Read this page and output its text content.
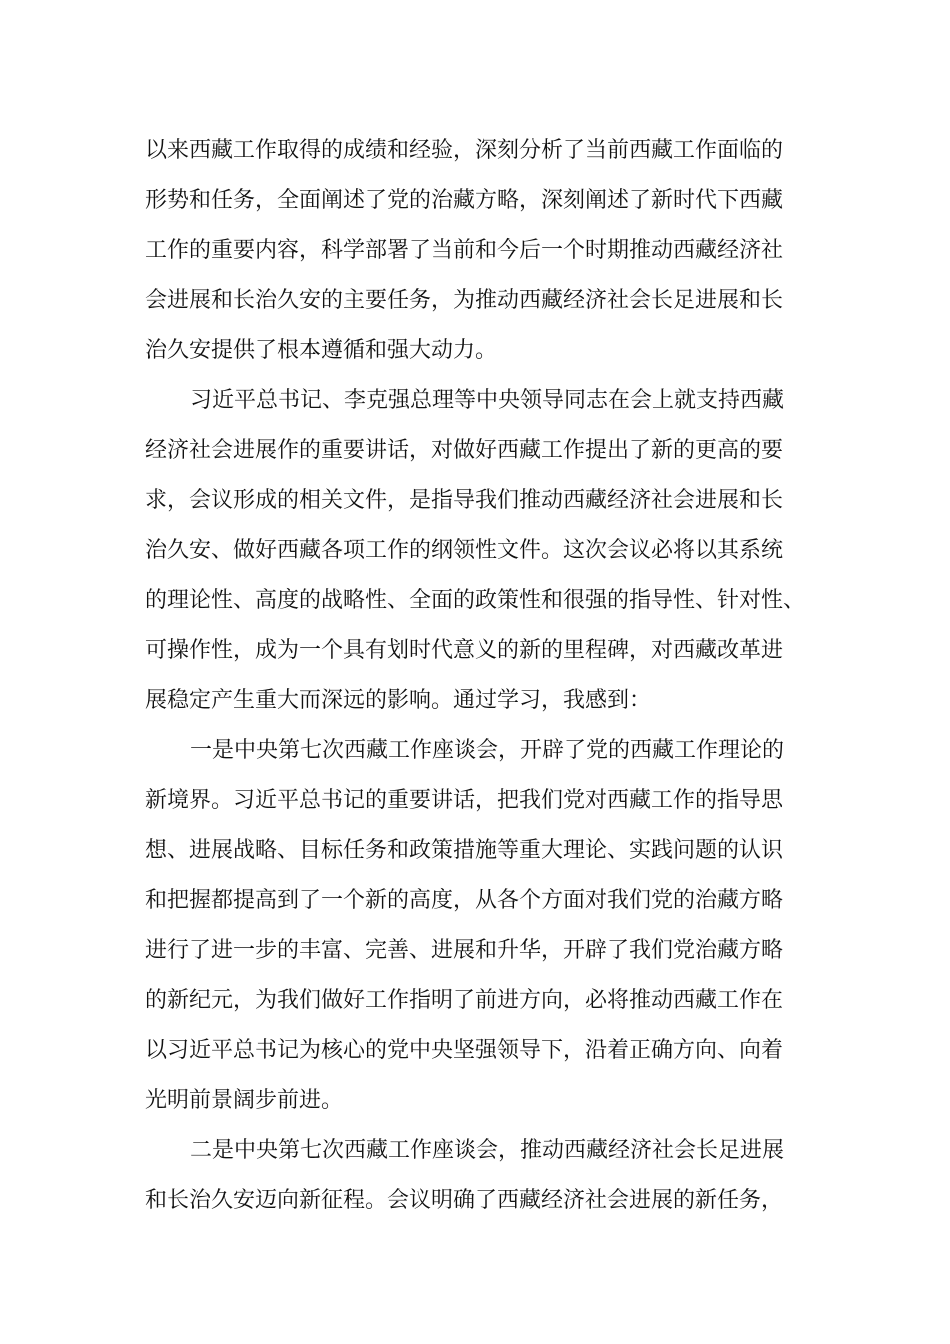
以来西藏工作取得的成绩和经验，深刻分析了当前西藏工作面临的

形势和任务，全面阐述了党的治藏方略，深刻阐述了新时代下西藏

工作的重要内容，科学部署了当前和今后一个时期推动西藏经济社

会进展和长治久安的主要任务，为推动西藏经济社会长足进展和长

治久安提供了根本遵循和强大动力。

习近平总书记、李克强总理等中央领导同志在会上就支持西藏

经济社会进展作的重要讲话，对做好西藏工作提出了新的更高的要

求，会议形成的相关文件，是指导我们推动西藏经济社会进展和长

治久安、做好西藏各项工作的纲领性文件。这次会议必将以其系统

的理论性、高度的战略性、全面的政策性和很强的指导性、针对性、

可操作性，成为一个具有划时代意义的新的里程碑，对西藏改革进

展稳定产生重大而深远的影响。通过学习，我感到：

一是中央第七次西藏工作座谈会，开辟了党的西藏工作理论的

新境界。习近平总书记的重要讲话，把我们党对西藏工作的指导思

想、进展战略、目标任务和政策措施等重大理论、实践问题的认识

和把握都提高到了一个新的高度，从各个方面对我们党的治藏方略

进行了进一步的丰富、完善、进展和升华，开辟了我们党治藏方略

的新纪元，为我们做好工作指明了前进方向，必将推动西藏工作在

以习近平总书记为核心的党中央坚强领导下，沿着正确方向、向着

光明前景阔步前进。

二是中央第七次西藏工作座谈会，推动西藏经济社会长足进展

和长治久安迈向新征程。会议明确了西藏经济社会进展的新任务，
